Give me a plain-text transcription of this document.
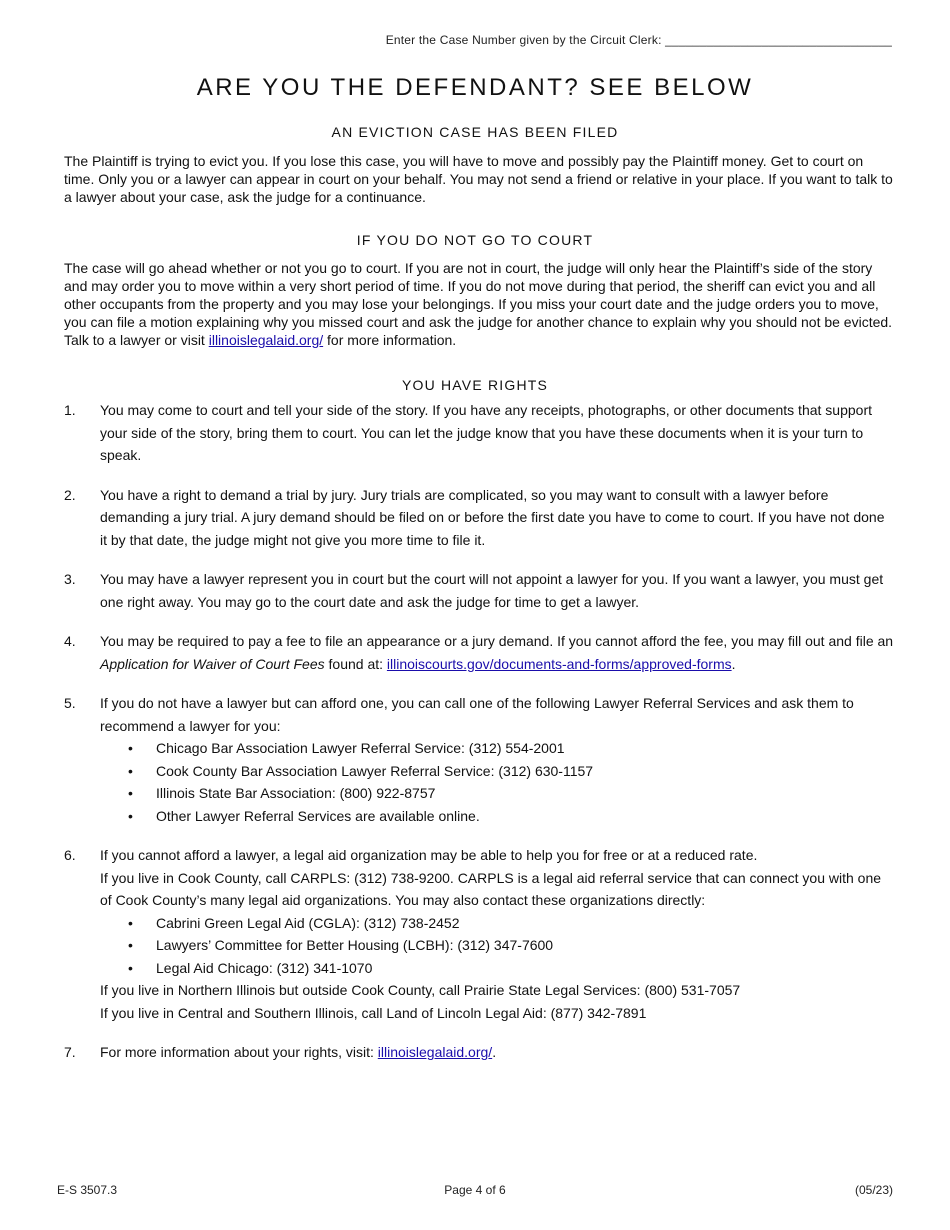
Enter the Case Number given by the Circuit Clerk: _________________________________
ARE YOU THE DEFENDANT? SEE BELOW
AN EVICTION CASE HAS BEEN FILED
The Plaintiff is trying to evict you. If you lose this case, you will have to move and possibly pay the Plaintiff money. Get to court on time. Only you or a lawyer can appear in court on your behalf. You may not send a friend or relative in your place. If you want to talk to a lawyer about your case, ask the judge for a continuance.
IF YOU DO NOT GO TO COURT
The case will go ahead whether or not you go to court. If you are not in court, the judge will only hear the Plaintiff’s side of the story and may order you to move within a very short period of time. If you do not move during that period, the sheriff can evict you and all other occupants from the property and you may lose your belongings. If you miss your court date and the judge orders you to move, you can file a motion explaining why you missed court and ask the judge for another chance to explain why you should not be evicted. Talk to a lawyer or visit illinoislegalaid.org/ for more information.
YOU HAVE RIGHTS
1. You may come to court and tell your side of the story. If you have any receipts, photographs, or other documents that support your side of the story, bring them to court. You can let the judge know that you have these documents when it is your turn to speak.
2. You have a right to demand a trial by jury. Jury trials are complicated, so you may want to consult with a lawyer before demanding a jury trial. A jury demand should be filed on or before the first date you have to come to court. If you have not done it by that date, the judge might not give you more time to file it.
3. You may have a lawyer represent you in court but the court will not appoint a lawyer for you. If you want a lawyer, you must get one right away. You may go to the court date and ask the judge for time to get a lawyer.
4. You may be required to pay a fee to file an appearance or a jury demand. If you cannot afford the fee, you may fill out and file an Application for Waiver of Court Fees found at: illinoiscourts.gov/documents-and-forms/approved-forms.
5. If you do not have a lawyer but can afford one, you can call one of the following Lawyer Referral Services and ask them to recommend a lawyer for you:
• Chicago Bar Association Lawyer Referral Service: (312) 554-2001
• Cook County Bar Association Lawyer Referral Service: (312) 630-1157
• Illinois State Bar Association: (800) 922-8757
• Other Lawyer Referral Services are available online.
6. If you cannot afford a lawyer, a legal aid organization may be able to help you for free or at a reduced rate.
If you live in Cook County, call CARPLS: (312) 738-9200. CARPLS is a legal aid referral service that can connect you with one of Cook County’s many legal aid organizations. You may also contact these organizations directly:
• Cabrini Green Legal Aid (CGLA): (312) 738-2452
• Lawyers’ Committee for Better Housing (LCBH): (312) 347-7600
• Legal Aid Chicago: (312) 341-1070
If you live in Northern Illinois but outside Cook County, call Prairie State Legal Services: (800) 531-7057
If you live in Central and Southern Illinois, call Land of Lincoln Legal Aid: (877) 342-7891
7. For more information about your rights, visit: illinoislegalaid.org/.
E-S 3507.3	Page 4 of 6	(05/23)
